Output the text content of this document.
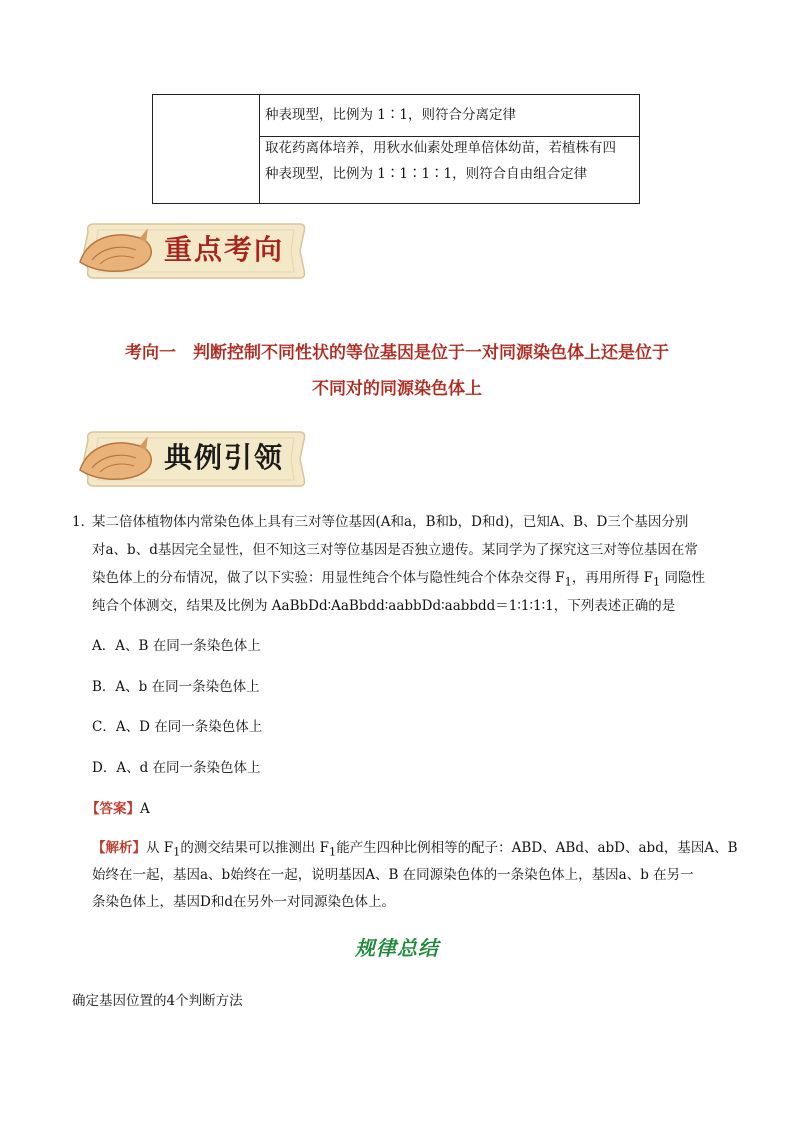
种表现型，比例为 1∶1，则符合分离定律
取花药离体培养，用秋水仙素处理单倍体幼苗，若植株有四
种表现型，比例为 1∶1∶1∶1，则符合自由组合定律
重点考向
考向一　判断控制不同性状的等位基因是位于一对同源染色体上还是位于
不同对的同源染色体上
典例引领
1．
某二倍体植物体内常染色体上具有三对等位基因(A和a，B和b，D和d)，已知A、B、D三个基因分别
对a、b、d基因完全显性，但不知这三对等位基因是否独立遗传。某同学为了探究这三对等位基因在常
染色体上的分布情况，做了以下实验：用显性纯合个体与隐性纯合个体杂交得 $F_1$，再用所得 $F_1$ 同隐性
纯合个体测交，结果及比例为 AaBbDd∶AaBbdd∶aabbDd∶aabbdd＝1∶1∶1∶1，下列表述正确的是
A．A、B 在同一条染色体上
B．A、b 在同一条染色体上
C．A、D 在同一条染色体上
D．A、d 在同一条染色体上
【答案】A
【解析】从 $F_1$的测交结果可以推测出 $F_1$能产生四种比例相等的配子：ABD、ABd、abD、abd，基因A、B
始终在一起，基因a、b始终在一起，说明基因A、B 在同源染色体的一条染色体上，基因a、b 在另一
条染色体上，基因D和d在另外一对同源染色体上。
规律总结
确定基因位置的4个判断方法
